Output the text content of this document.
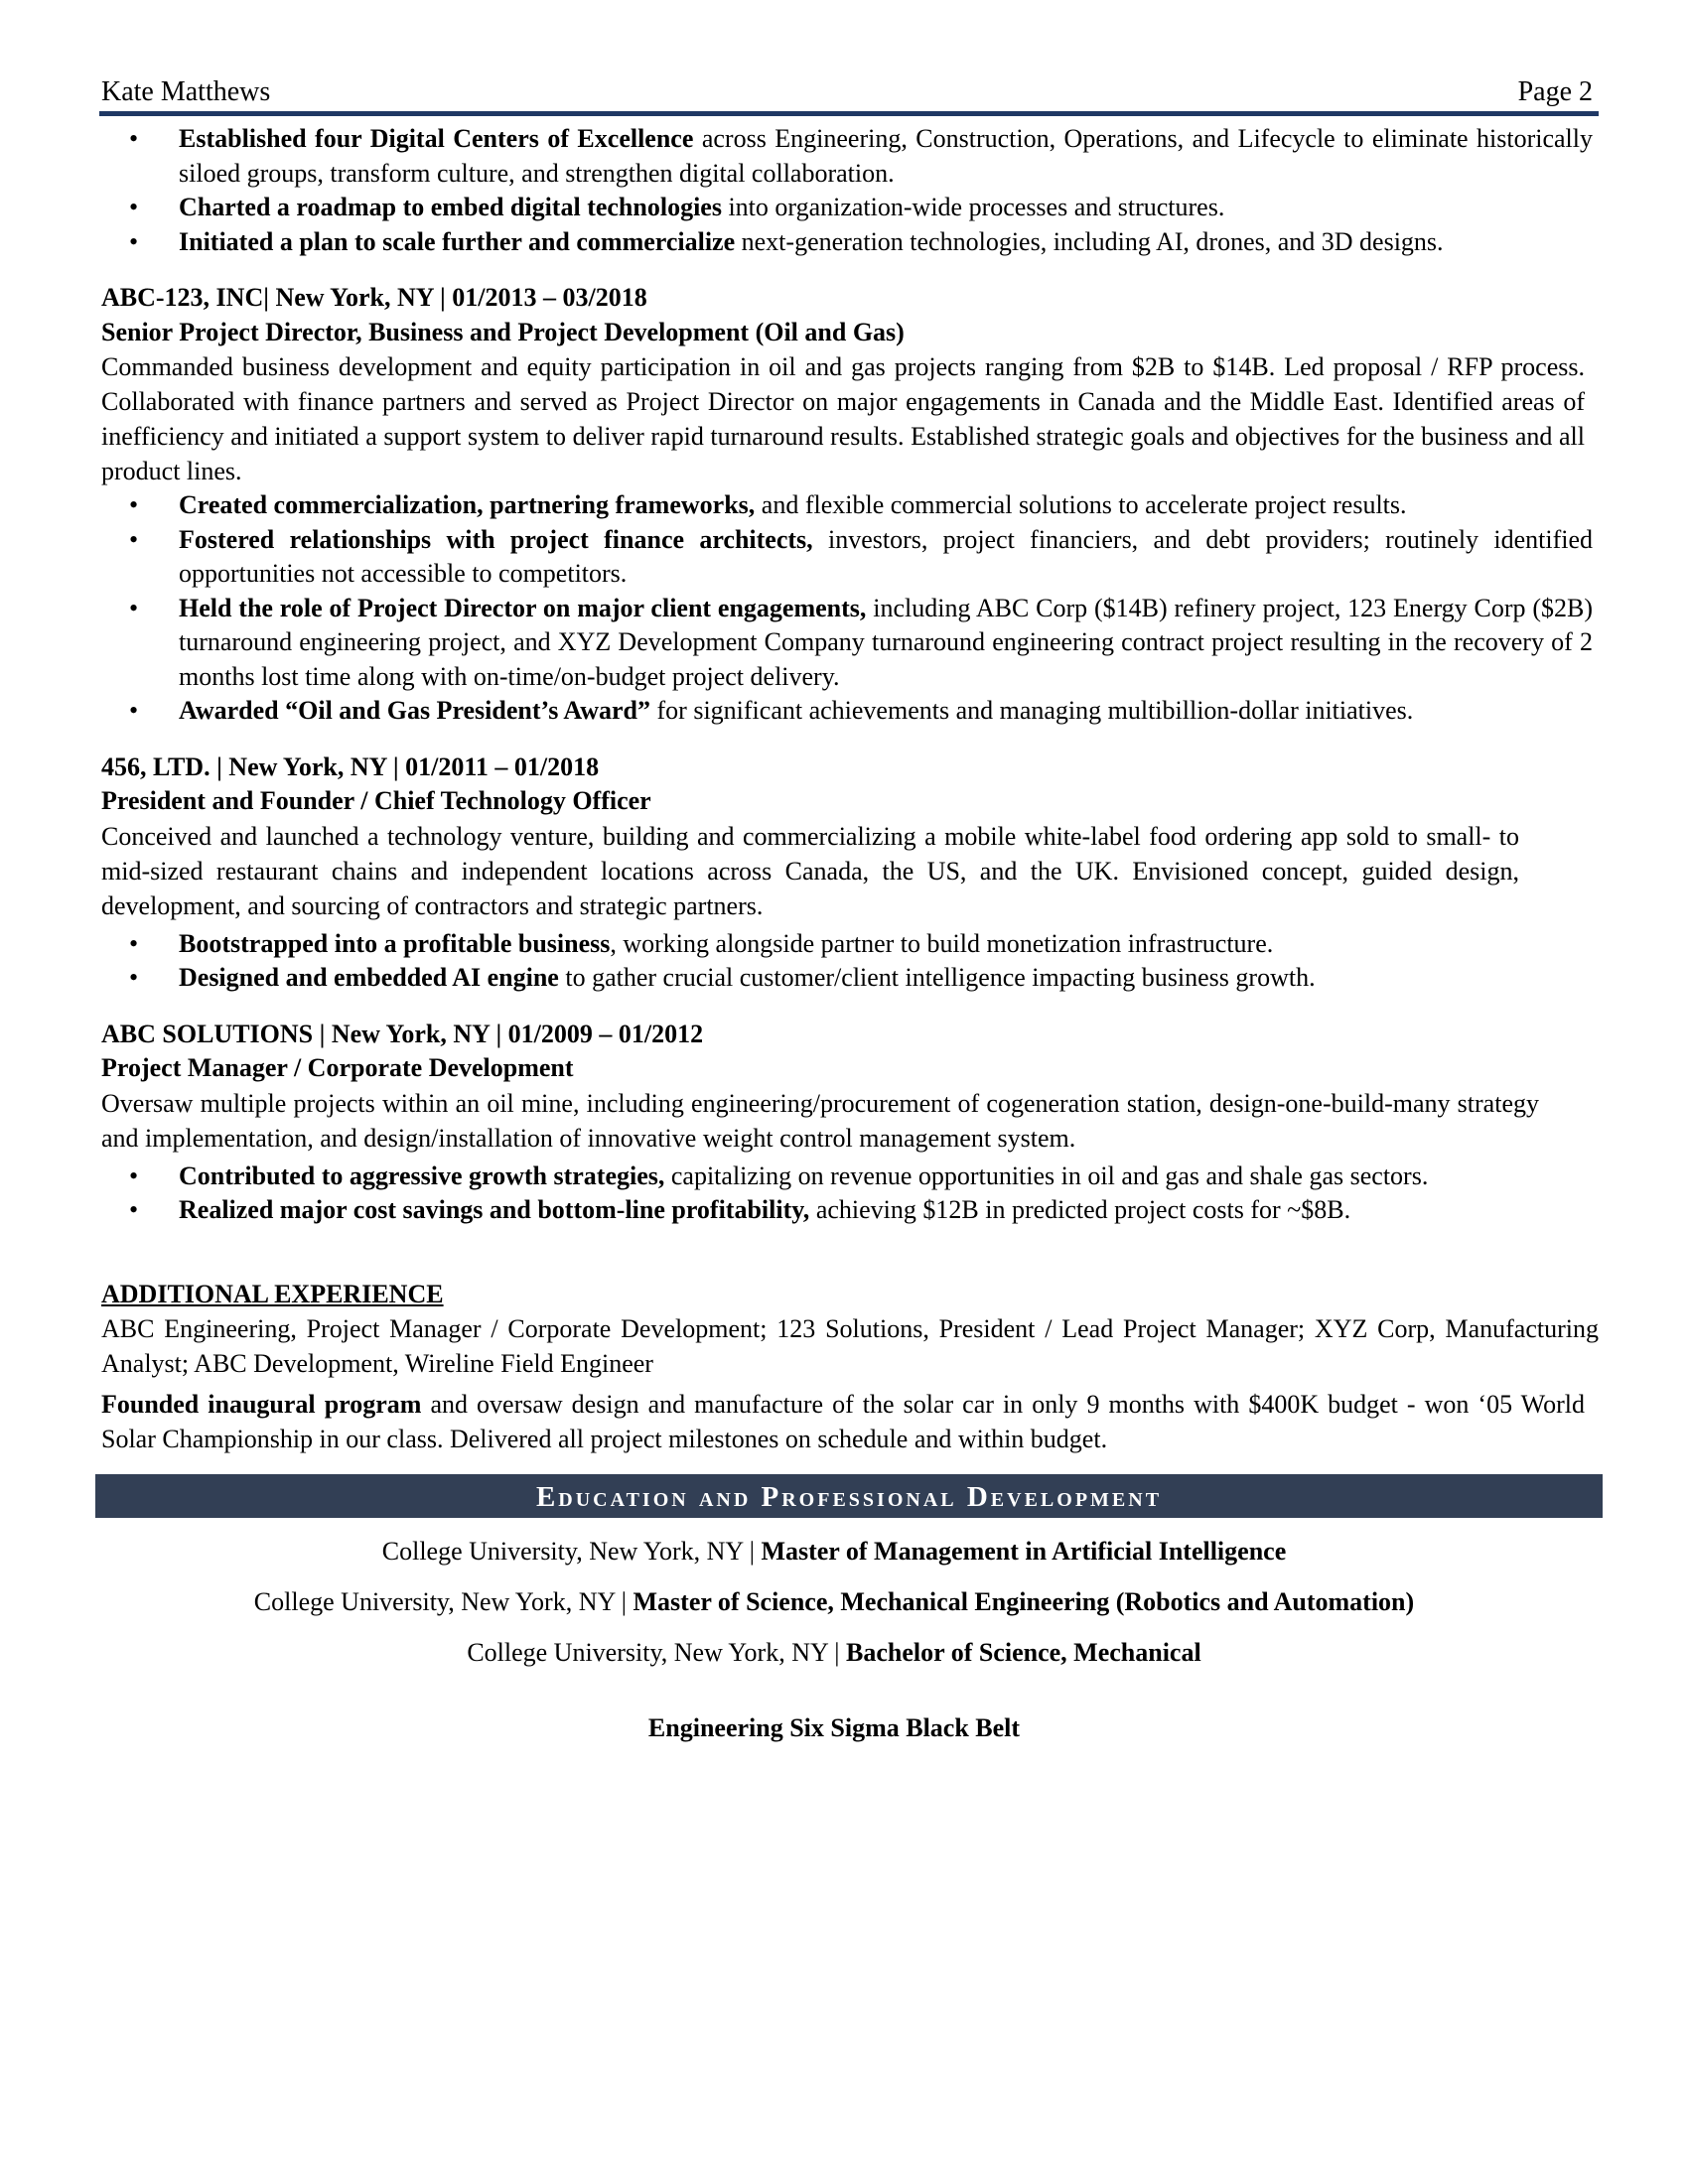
Kate Matthews	Page 2
• Established four Digital Centers of Excellence across Engineering, Construction, Operations, and Lifecycle to eliminate historically siloed groups, transform culture, and strengthen digital collaboration.
• Charted a roadmap to embed digital technologies into organization-wide processes and structures.
• Initiated a plan to scale further and commercialize next-generation technologies, including AI, drones, and 3D designs.
ABC-123, INC| New York, NY | 01/2013 – 03/2018
Senior Project Director, Business and Project Development (Oil and Gas)
Commanded business development and equity participation in oil and gas projects ranging from $2B to $14B. Led proposal / RFP process. Collaborated with finance partners and served as Project Director on major engagements in Canada and the Middle East. Identified areas of inefficiency and initiated a support system to deliver rapid turnaround results. Established strategic goals and objectives for the business and all product lines.
• Created commercialization, partnering frameworks, and flexible commercial solutions to accelerate project results.
• Fostered relationships with project finance architects, investors, project financiers, and debt providers; routinely identified opportunities not accessible to competitors.
• Held the role of Project Director on major client engagements, including ABC Corp ($14B) refinery project, 123 Energy Corp ($2B) turnaround engineering project, and XYZ Development Company turnaround engineering contract project resulting in the recovery of 2 months lost time along with on-time/on-budget project delivery.
• Awarded “Oil and Gas President’s Award” for significant achievements and managing multibillion-dollar initiatives.
456, LTD. | New York, NY | 01/2011 – 01/2018
President and Founder / Chief Technology Officer
Conceived and launched a technology venture, building and commercializing a mobile white-label food ordering app sold to small- to mid-sized restaurant chains and independent locations across Canada, the US, and the UK. Envisioned concept, guided design, development, and sourcing of contractors and strategic partners.
• Bootstrapped into a profitable business, working alongside partner to build monetization infrastructure.
• Designed and embedded AI engine to gather crucial customer/client intelligence impacting business growth.
ABC SOLUTIONS | New York, NY | 01/2009 – 01/2012
Project Manager / Corporate Development
Oversaw multiple projects within an oil mine, including engineering/procurement of cogeneration station, design-one-build-many strategy and implementation, and design/installation of innovative weight control management system.
• Contributed to aggressive growth strategies, capitalizing on revenue opportunities in oil and gas and shale gas sectors.
• Realized major cost savings and bottom-line profitability, achieving $12B in predicted project costs for ~$8B.
ADDITIONAL EXPERIENCE
ABC Engineering, Project Manager / Corporate Development; 123 Solutions, President / Lead Project Manager; XYZ Corp, Manufacturing Analyst; ABC Development, Wireline Field Engineer
Founded inaugural program and oversaw design and manufacture of the solar car in only 9 months with $400K budget - won ‘05 World Solar Championship in our class. Delivered all project milestones on schedule and within budget.
Education and Professional Development
College University, New York, NY | Master of Management in Artificial Intelligence
College University, New York, NY | Master of Science, Mechanical Engineering (Robotics and Automation)
College University, New York, NY | Bachelor of Science, Mechanical
Engineering Six Sigma Black Belt
